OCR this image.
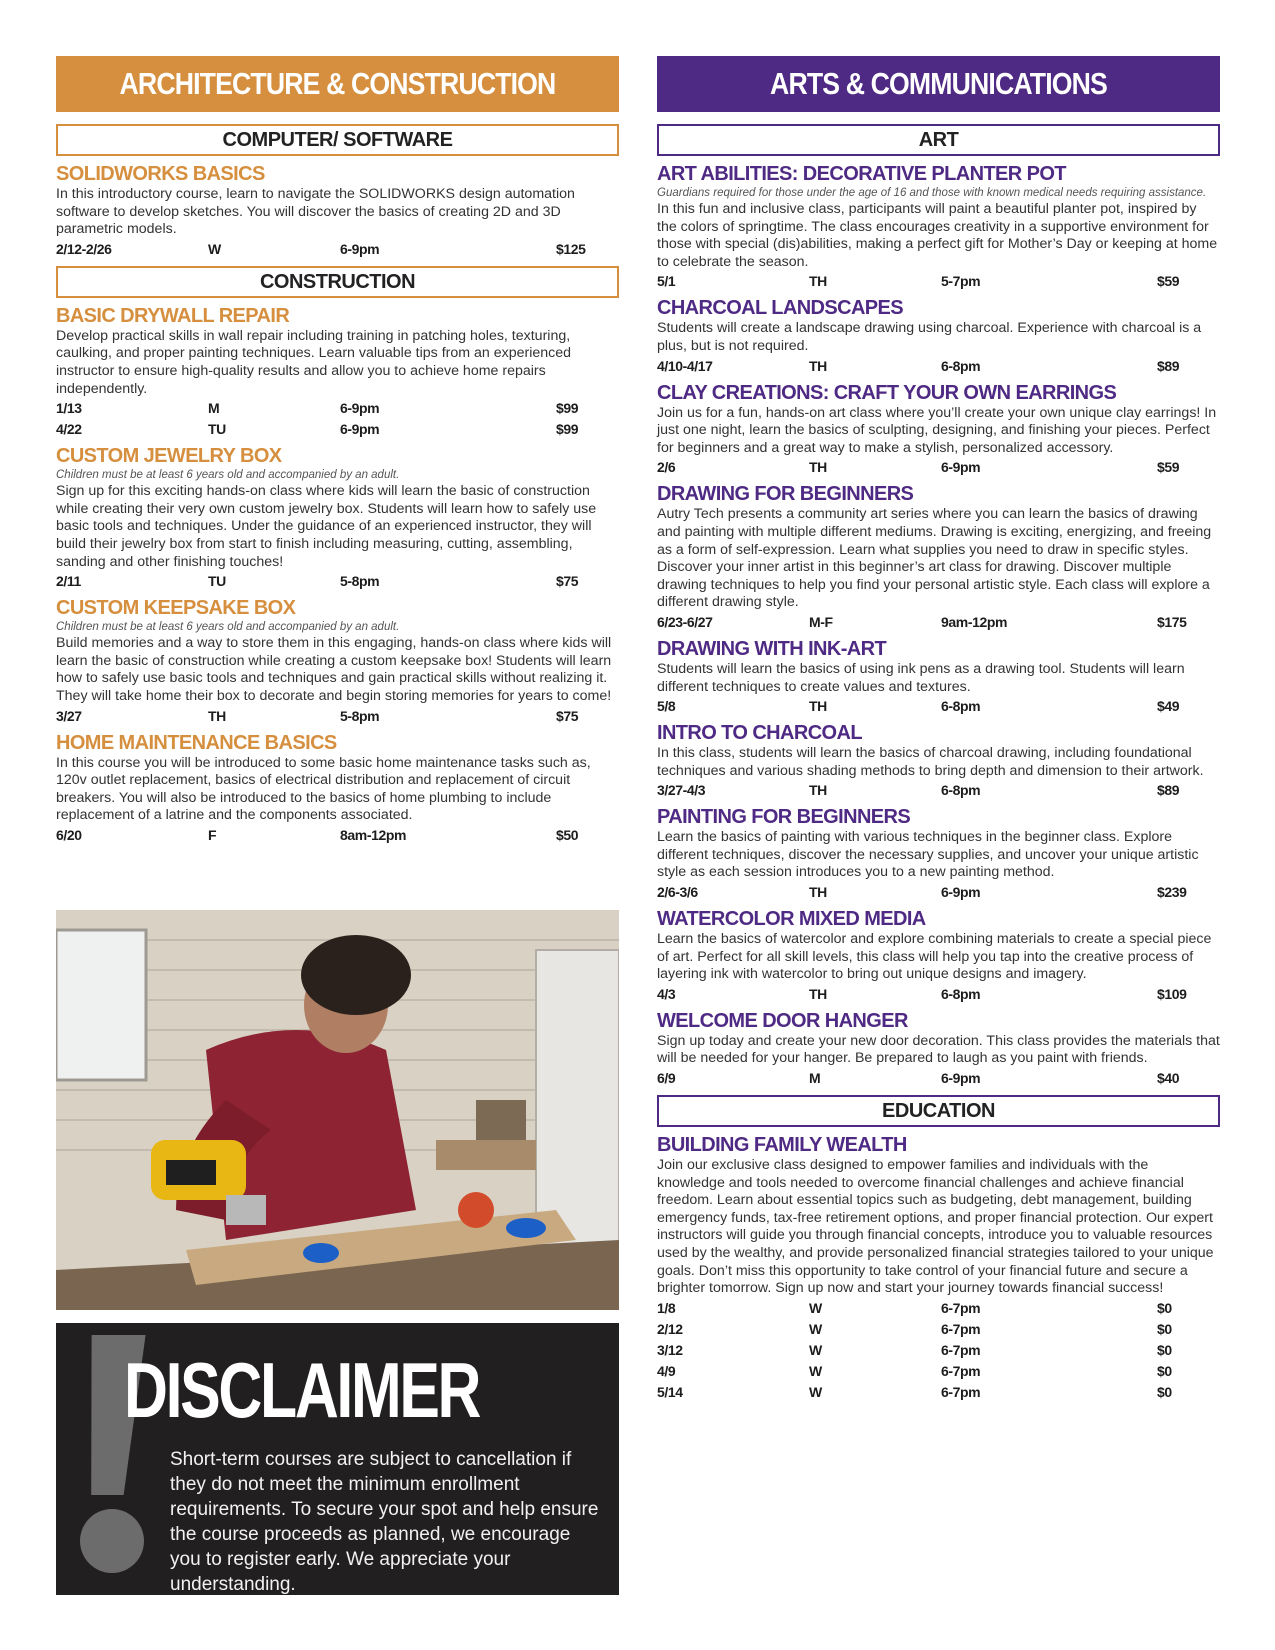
ARCHITECTURE & CONSTRUCTION
COMPUTER/ SOFTWARE
SOLIDWORKS BASICS
In this introductory course, learn to navigate the SOLIDWORKS design automation software to develop sketches. You will discover the basics of creating 2D and 3D parametric models.
2/12-2/26	W	6-9pm	$125
CONSTRUCTION
BASIC DRYWALL REPAIR
Develop practical skills in wall repair including training in patching holes, texturing, caulking, and proper painting techniques. Learn valuable tips from an experienced instructor to ensure high-quality results and allow you to achieve home repairs independently.
1/13	M	6-9pm	$99
4/22	TU	6-9pm	$99
CUSTOM JEWELRY BOX
Children must be at least 6 years old and accompanied by an adult.
Sign up for this exciting hands-on class where kids will learn the basic of construction while creating their very own custom jewelry box. Students will learn how to safely use basic tools and techniques. Under the guidance of an experienced instructor, they will build their jewelry box from start to finish including measuring, cutting, assembling, sanding and other finishing touches!
2/11	TU	5-8pm	$75
CUSTOM KEEPSAKE BOX
Children must be at least 6 years old and accompanied by an adult.
Build memories and a way to store them in this engaging, hands-on class where kids will learn the basic of construction while creating a custom keepsake box! Students will learn how to safely use basic tools and techniques and gain practical skills without realizing it. They will take home their box to decorate and begin storing memories for years to come!
3/27	TH	5-8pm	$75
HOME MAINTENANCE BASICS
In this course you will be introduced to some basic home maintenance tasks such as, 120v outlet replacement, basics of electrical distribution and replacement of circuit breakers. You will also be introduced to the basics of home plumbing to include replacement of a latrine and the components associated.
6/20	F	8am-12pm	$50
ARTS & COMMUNICATIONS
ART
ART ABILITIES: DECORATIVE PLANTER POT
Guardians required for those under the age of 16 and those with known medical needs requiring assistance.
In this fun and inclusive class, participants will paint a beautiful planter pot, inspired by the colors of springtime. The class encourages creativity in a supportive environment for those with special (dis)abilities, making a perfect gift for Mother’s Day or keeping at home to celebrate the season.
5/1	TH	5-7pm	$59
CHARCOAL LANDSCAPES
Students will create a landscape drawing using charcoal. Experience with charcoal is a plus, but is not required.
4/10-4/17	TH	6-8pm	$89
CLAY CREATIONS: CRAFT YOUR OWN EARRINGS
Join us for a fun, hands-on art class where you’ll create your own unique clay earrings! In just one night, learn the basics of sculpting, designing, and finishing your pieces. Perfect for beginners and a great way to make a stylish, personalized accessory.
2/6	TH	6-9pm	$59
DRAWING FOR BEGINNERS
Autry Tech presents a community art series where you can learn the basics of drawing and painting with multiple different mediums. Drawing is exciting, energizing, and freeing as a form of self-expression. Learn what supplies you need to draw in specific styles. Discover your inner artist in this beginner’s art class for drawing. Discover multiple drawing techniques to help you find your personal artistic style. Each class will explore a different drawing style.
6/23-6/27	M-F	9am-12pm	$175
DRAWING WITH INK-ART
Students will learn the basics of using ink pens as a drawing tool. Students will learn different techniques to create values and textures.
5/8	TH	6-8pm	$49
INTRO TO CHARCOAL
In this class, students will learn the basics of charcoal drawing, including foundational techniques and various shading methods to bring depth and dimension to their artwork.
3/27-4/3	TH	6-8pm	$89
PAINTING FOR BEGINNERS
Learn the basics of painting with various techniques in the beginner class. Explore different techniques, discover the necessary supplies, and uncover your unique artistic style as each session introduces you to a new painting method.
2/6-3/6	TH	6-9pm	$239
WATERCOLOR MIXED MEDIA
Learn the basics of watercolor and explore combining materials to create a special piece of art. Perfect for all skill levels, this class will help you tap into the creative process of layering ink with watercolor to bring out unique designs and imagery.
4/3	TH	6-8pm	$109
WELCOME DOOR HANGER
Sign up today and create your new door decoration. This class provides the materials that will be needed for your hanger. Be prepared to laugh as you paint with friends.
6/9	M	6-9pm	$40
EDUCATION
BUILDING FAMILY WEALTH
Join our exclusive class designed to empower families and individuals with the knowledge and tools needed to overcome financial challenges and achieve financial freedom. Learn about essential topics such as budgeting, debt management, building emergency funds, tax-free retirement options, and proper financial protection. Our expert instructors will guide you through financial concepts, introduce you to valuable resources used by the wealthy, and provide personalized financial strategies tailored to your unique goals. Don’t miss this opportunity to take control of your financial future and secure a brighter tomorrow. Sign up now and start your journey towards financial success!
1/8	W	6-7pm	$0
2/12	W	6-7pm	$0
3/12	W	6-7pm	$0
4/9	W	6-7pm	$0
5/14	W	6-7pm	$0
DISCLAIMER
Short-term courses are subject to cancellation if they do not meet the minimum enrollment requirements. To secure your spot and help ensure the course proceeds as planned, we encourage you to register early. We appreciate your understanding.
